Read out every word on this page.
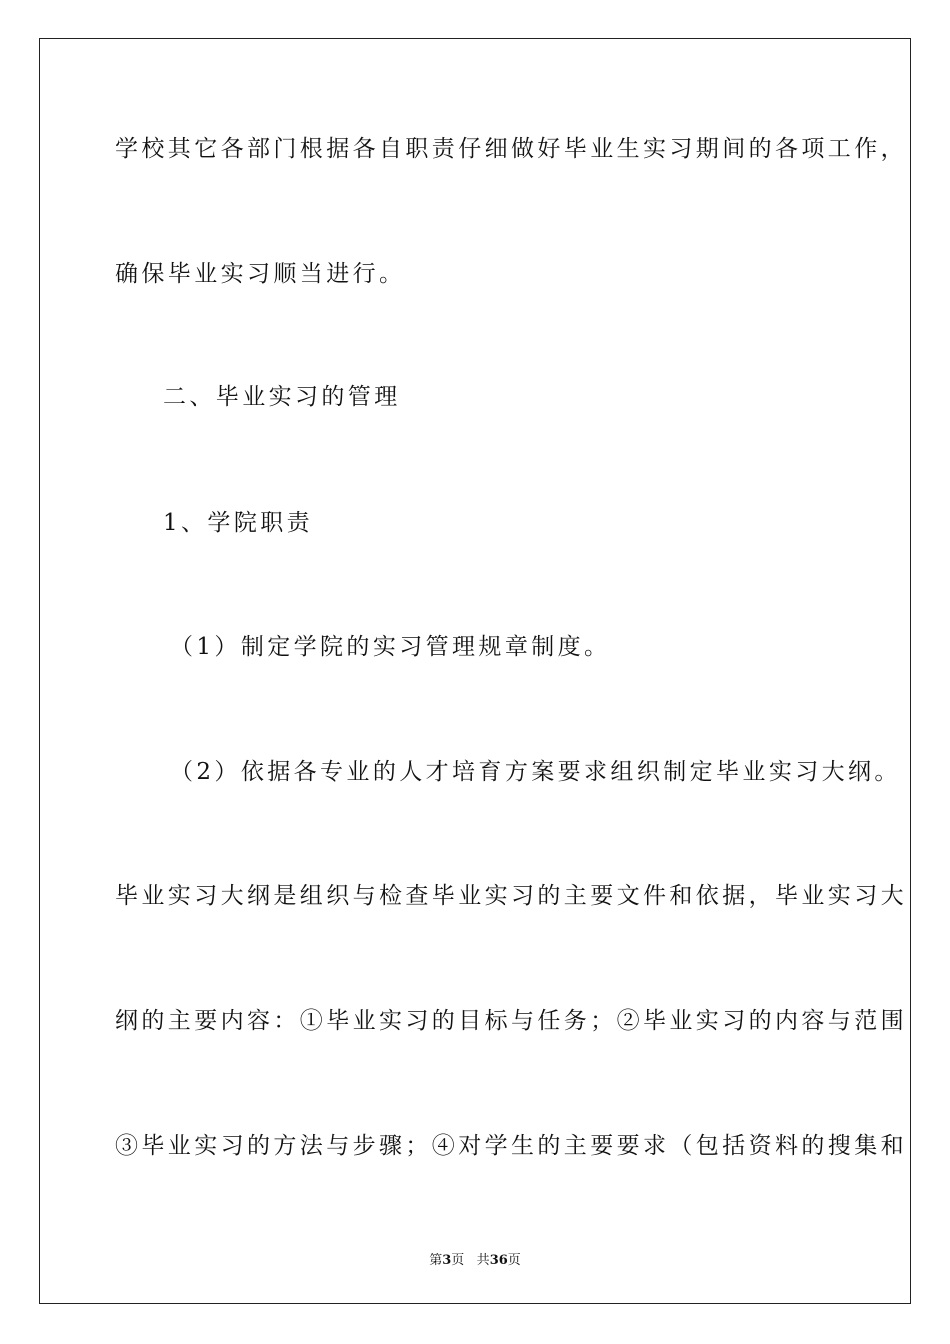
学校其它各部门根据各自职责仔细做好毕业生实习期间的各项工作，
确保毕业实习顺当进行。
二、毕业实习的管理
1、学院职责
（1）制定学院的实习管理规章制度。
（2）依据各专业的人才培育方案要求组织制定毕业实习大纲。
毕业实习大纲是组织与检查毕业实习的主要文件和依据，毕业实习大
纲的主要内容：①毕业实习的目标与任务；②毕业实习的内容与范围
③毕业实习的方法与步骤；④对学生的主要要求（包括资料的搜集和
第3页 共36页
